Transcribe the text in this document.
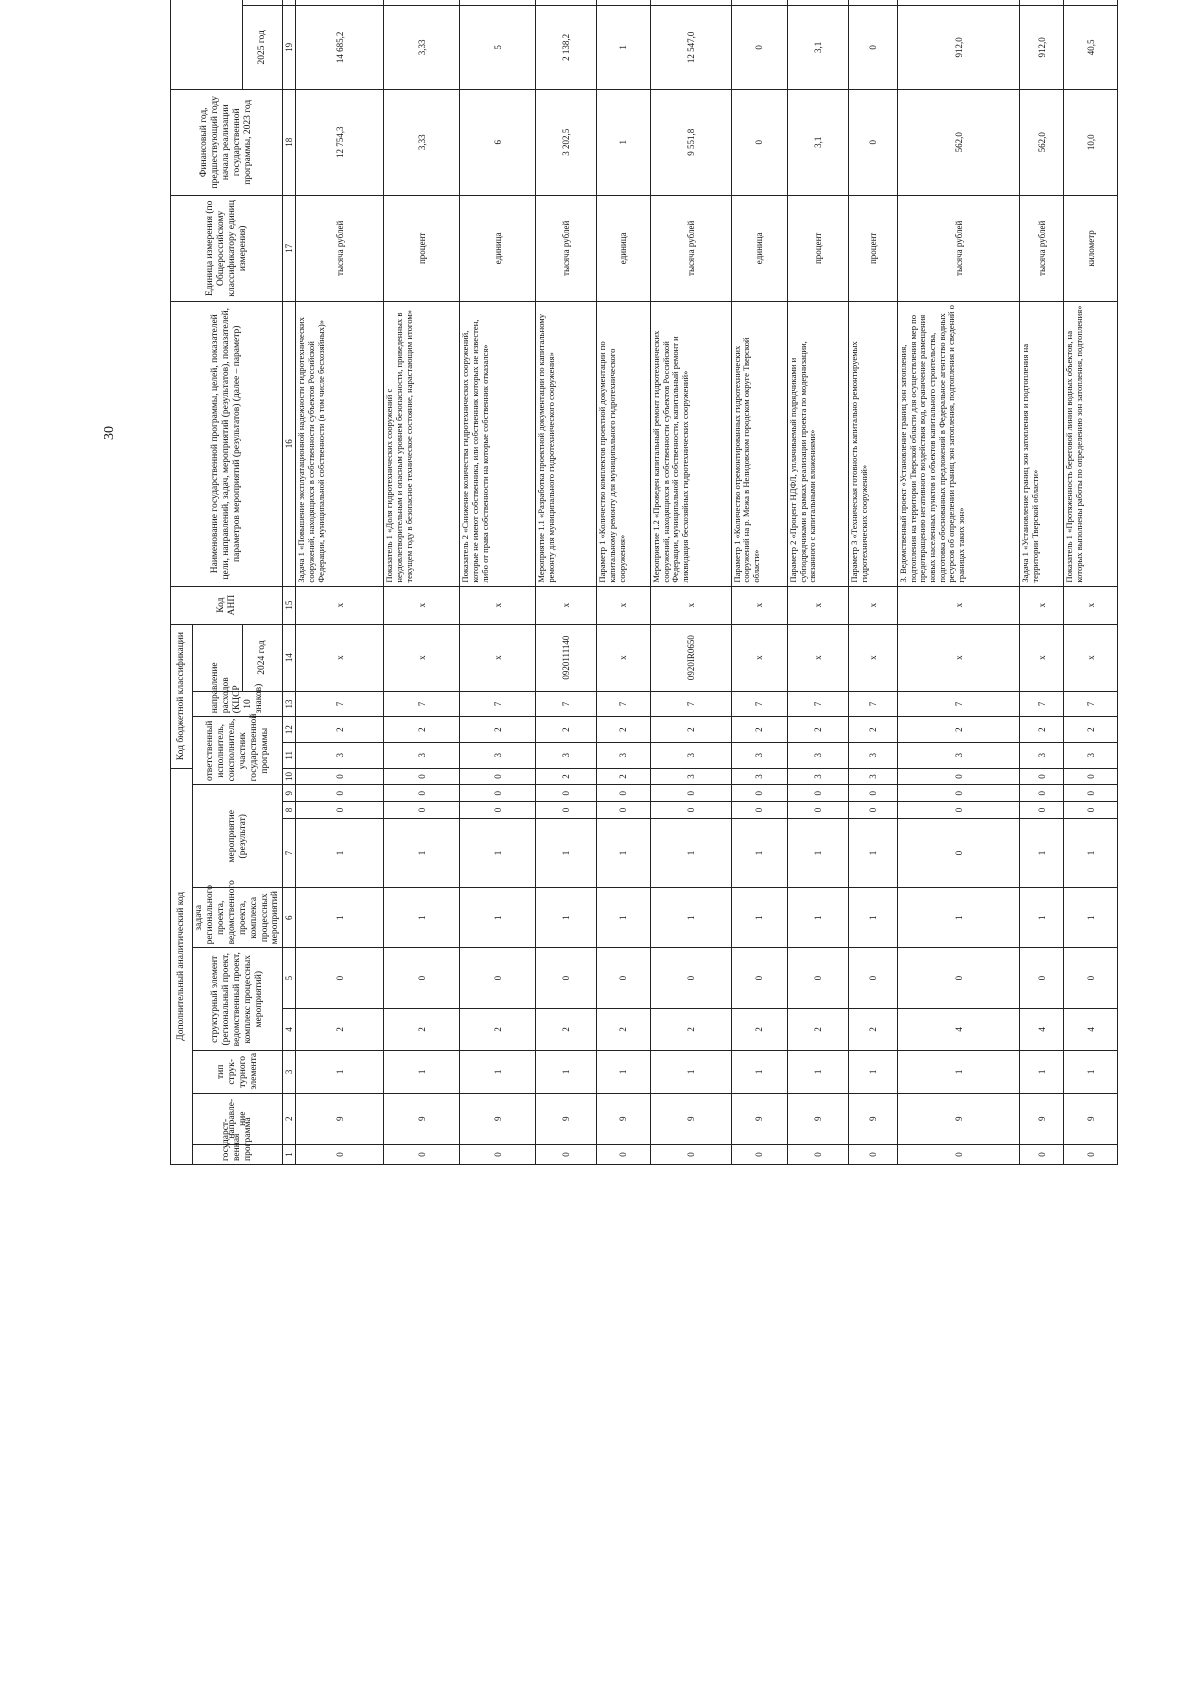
30
Дополнительный аналитический код										Код бюджетной классификации				Код АНП	Наименование государственной программы, целей, показателей цели, направлений, задач, мероприятий (результатов), показателей, параметров мероприятий (результатов) (далее – параметр)	Единица измерения (по Общероссийскому классификатору единиц измерения)	Финансовый год, предшествующий году начала реализации государственной программы, 2023 год	
государст-венная программа	направле-ние	тип струк-турного элемента	структурный элемент (региональный проект, ведомственный проект, комплекс процессных мероприятий)		задача регионального проекта, ведомственного проекта, комплекса процессных мероприятий	мероприятие (результат)			ответственный исполнитель, соисполнитель, участник государственной программы			направление расходов (КЦСР 10 знаков)												
													2024 год					2025 год					
1	2	3	4	5	6	7	8	9	10	11	12	13	14	15	16	17	18	19						
0	9	1	2	0	1	1	0	0	0	3	2	7	x	x	Задача 1 «Повышение эксплуатационной надежности гидротехнических сооружений, находящихся в собственности субъектов Российской Федерации, муниципальной собственности (в том числе бесхозяйных)»	тысяча рублей	12 754,3	14 685,2						
0	9	1	2	0	1	1	0	0	0	3	2	7	x	x	Показатель 1 «Доля гидротехнических сооружений с неудовлетворительным и опасным уровнем безопасности, приведенных в текущем году в безопасное техническое состояние, нарастающим итогом»	процент	3,33	3,33						
0	9	1	2	0	1	1	0	0	0	3	2	7	x	x	Показатель 2 «Снижение количества гидротехнических сооружений, которые не имеют собственника, или собственник которых не известен, либо от права собственности на которые собственник отказался»	единица	6	5						
0	9	1	2	0	1	1	0	0	2	3	2	7	0920111140	x	Мероприятие 1.1 «Разработка проектной документации по капитальному ремонту для муниципального гидротехнического сооружения»	тысяча рублей	3 202,5	2 138,2						
0	9	1	2	0	1	1	0	0	2	3	2	7	x	x	Параметр 1 «Количество комплектов проектной документации по капитальному ремонту для муниципального гидротехнического сооружения»	единица	1	1						
0	9	1	2	0	1	1	0	0	3	3	2	7	0920IR0650	x	Мероприятие 1.2 «Проведен капитальный ремонт гидротехнических сооружений, находящихся в собственности субъектов Российской Федерации, муниципальной собственности, капитальный ремонт и ликвидация бесхозяйных гидротехнических сооружений»	тысяча рублей	9 551,8	12 547,0						
0	9	1	2	0	1	1	0	0	3	3	2	7	x	x	Параметр 1 «Количество отремонтированных гидротехнических сооружений на р. Межа в Нелидовском городском округе Тверской области»	единица	0	0						
0	9	1	2	0	1	1	0	0	3	3	2	7	x	x	Параметр 2 «Процент НДФЛ, уплачиваемый подрядчиками и субподрядчиками в рамках реализации проекта по модернизации, связанного с капитальными вложениями»	процент	3,1	3,1						
0	9	1	2	0	1	1	0	0	3	3	2	7	x	x	Параметр 3 «Техническая готовность капитально ремонтируемых гидротехнических сооружений»	процент	0	0						
0	9	1	4	0	1	0	0	0	0	3	2	7	x	x	3. Ведомственный проект «Установление границ зон затопления, подтопления на территории Тверской области для осуществления мер по предотвращению негативного воздействия вод, ограничение размещения новых населенных пунктов и объектов капитального строительства, подготовка обоснованных предложений в Федеральное агентство водных ресурсов об определении границ зон затопления, подтопления и сведений о границах таких зон»	тысяча рублей	562,0	912,0						
0	9	1	4	0	1	1	0	0	0	3	2	7	x	x	Задача 1 «Установление границ зон затопления и подтопления на территории Тверской области»	тысяча рублей	562,0	912,0						
0	9	1	4	0	1	1	0	0	0	3	2	7	x	x	Показатель 1 «Протяженность береговой линии водных объектов, на которых выполнены работы по определению зон затопления, подтопления»	километр	10,0	40,5						
